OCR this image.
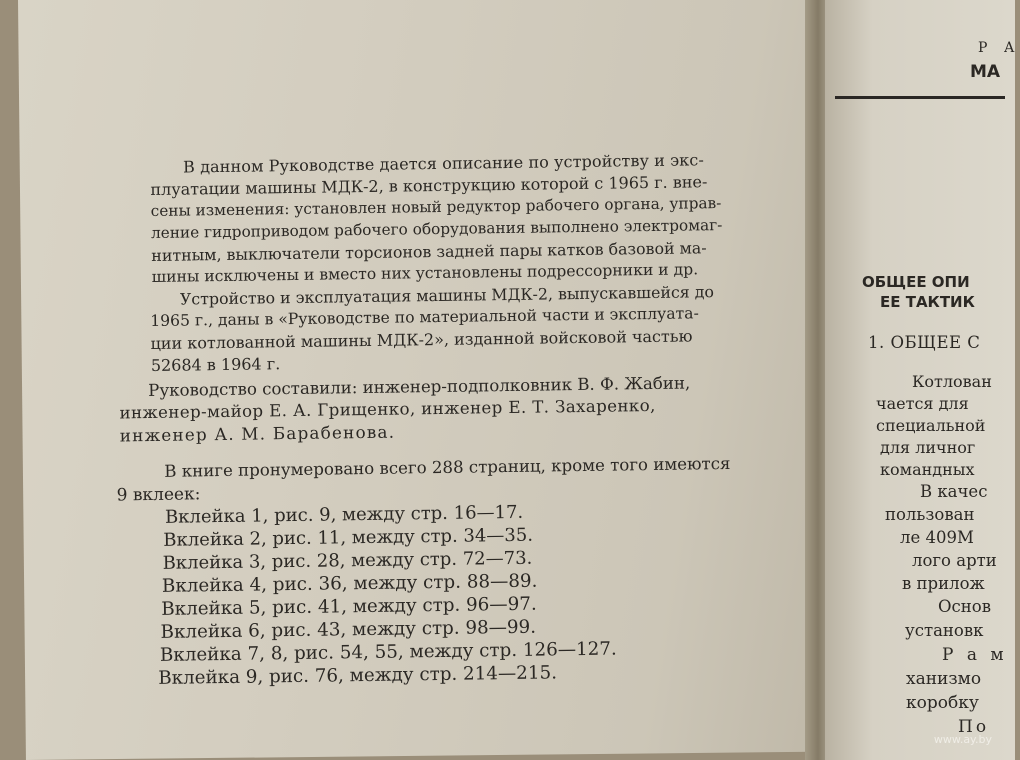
В данном Руководстве дается описание по устройству и экс-
плуатации машины МДК-2, в конструкцию которой с 1965 г. вне-
сены изменения: установлен новый редуктор рабочего органа, управ-
ление гидроприводом рабочего оборудования выполнено электромаг-
нитным, выключатели торсионов задней пары катков базовой ма-
шины исключены и вместо них установлены подрессорники и др.
Устройство и эксплуатация машины МДК-2, выпускавшейся до
1965 г., даны в «Руководстве по материальной части и эксплуата-
ции котлованной машины МДК-2», изданной войсковой частью
52684 в 1964 г.
Руководство составили: инженер-подполковник В. Ф. Жабин,
инженер-майор Е. А. Грищенко, инженер Е. Т. Захаренко,
инженер А. М. Барабенова.
В книге пронумеровано всего 288 страниц, кроме того имеются
9 вклеек:
Вклейка 1, рис. 9, между стр. 16—17.
Вклейка 2, рис. 11, между стр. 34—35.
Вклейка 3, рис. 28, между стр. 72—73.
Вклейка 4, рис. 36, между стр. 88—89.
Вклейка 5, рис. 41, между стр. 96—97.
Вклейка 6, рис. 43, между стр. 98—99.
Вклейка 7, 8, рис. 54, 55, между стр. 126—127.
Вклейка 9, рис. 76, между стр. 214—215.
Р А
МА
ОБЩЕЕ ОПИ
ЕЕ ТАКТИК
1. ОБЩЕЕ С
Котлован
чается для
специальной
для личног
командных
В качес
пользован
ле 409М
лого арти
в прилож
Основ
установк
Р а м
ханизмо
коробку
По
www.ay.by
